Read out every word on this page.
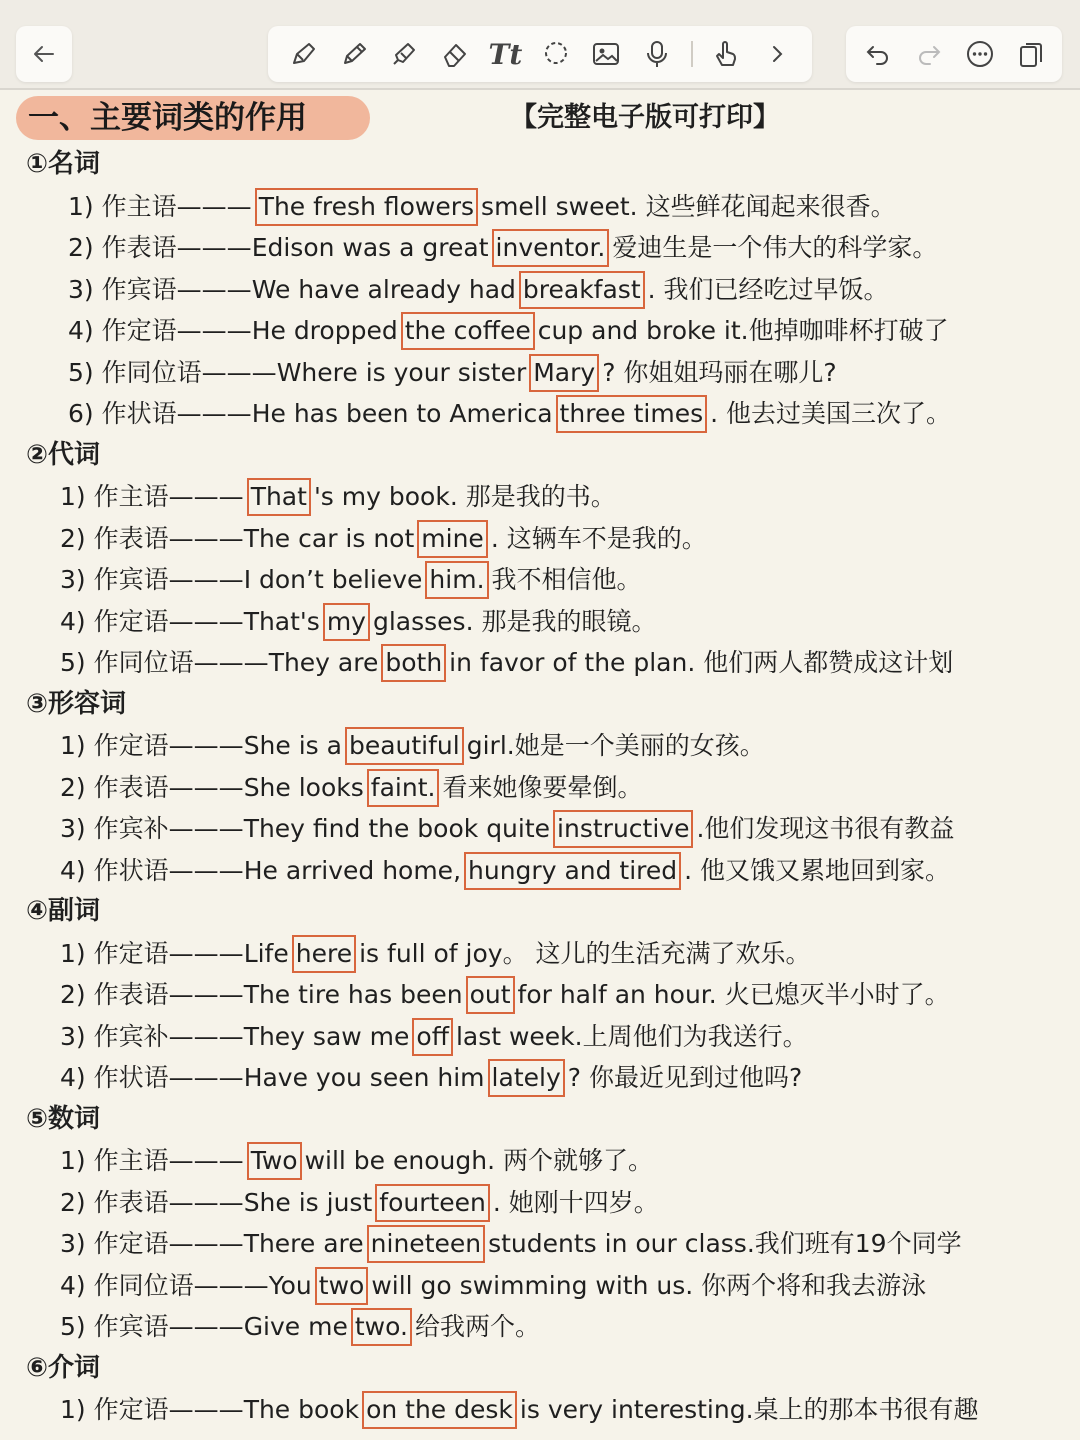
Tt
一、主要词类的作用	【完整电子版可打印】
①名词
1) 作主语——— The fresh flowers smell sweet. 这些鲜花闻起来很香。
2) 作表语———Edison was a great inventor. 爱迪生是一个伟大的科学家。
3) 作宾语———We have already had breakfast . 我们已经吃过早饭。
4) 作定语———He dropped the coffee cup and broke it.他掉咖啡杯打破了
5) 作同位语———Where is your sister Mary ? 你姐姐玛丽在哪儿?
6) 作状语———He has been to America three times . 他去过美国三次了。
②代词
1) 作主语——— That 's my book. 那是我的书。
2) 作表语———The car is not mine . 这辆车不是我的。
3) 作宾语———I don’t believe him. 我不相信他。
4) 作定语———That's my glasses. 那是我的眼镜。
5) 作同位语———They are both in favor of the plan. 他们两人都赞成这计划
③形容词
1) 作定语———She is a beautiful girl.她是一个美丽的女孩。
2) 作表语———She looks faint. 看来她像要晕倒。
3) 作宾补———They find the book quite instructive .他们发现这书很有教益
4) 作状语———He arrived home, hungry and tired . 他又饿又累地回到家。
④副词
1) 作定语———Life here is full of joy。 这儿的生活充满了欢乐。
2) 作表语———The tire has been out for half an hour. 火已熄灭半小时了。
3) 作宾补———They saw me off last week.上周他们为我送行。
4) 作状语———Have you seen him lately ? 你最近见到过他吗?
⑤数词
1) 作主语——— Two will be enough. 两个就够了。
2) 作表语———She is just fourteen . 她刚十四岁。
3) 作定语———There are nineteen students in our class.我们班有19个同学
4) 作同位语———You two will go swimming with us. 你两个将和我去游泳
5) 作宾语———Give me two. 给我两个。
⑥介词
1) 作定语———The book on the desk is very interesting.桌上的那本书很有趣
